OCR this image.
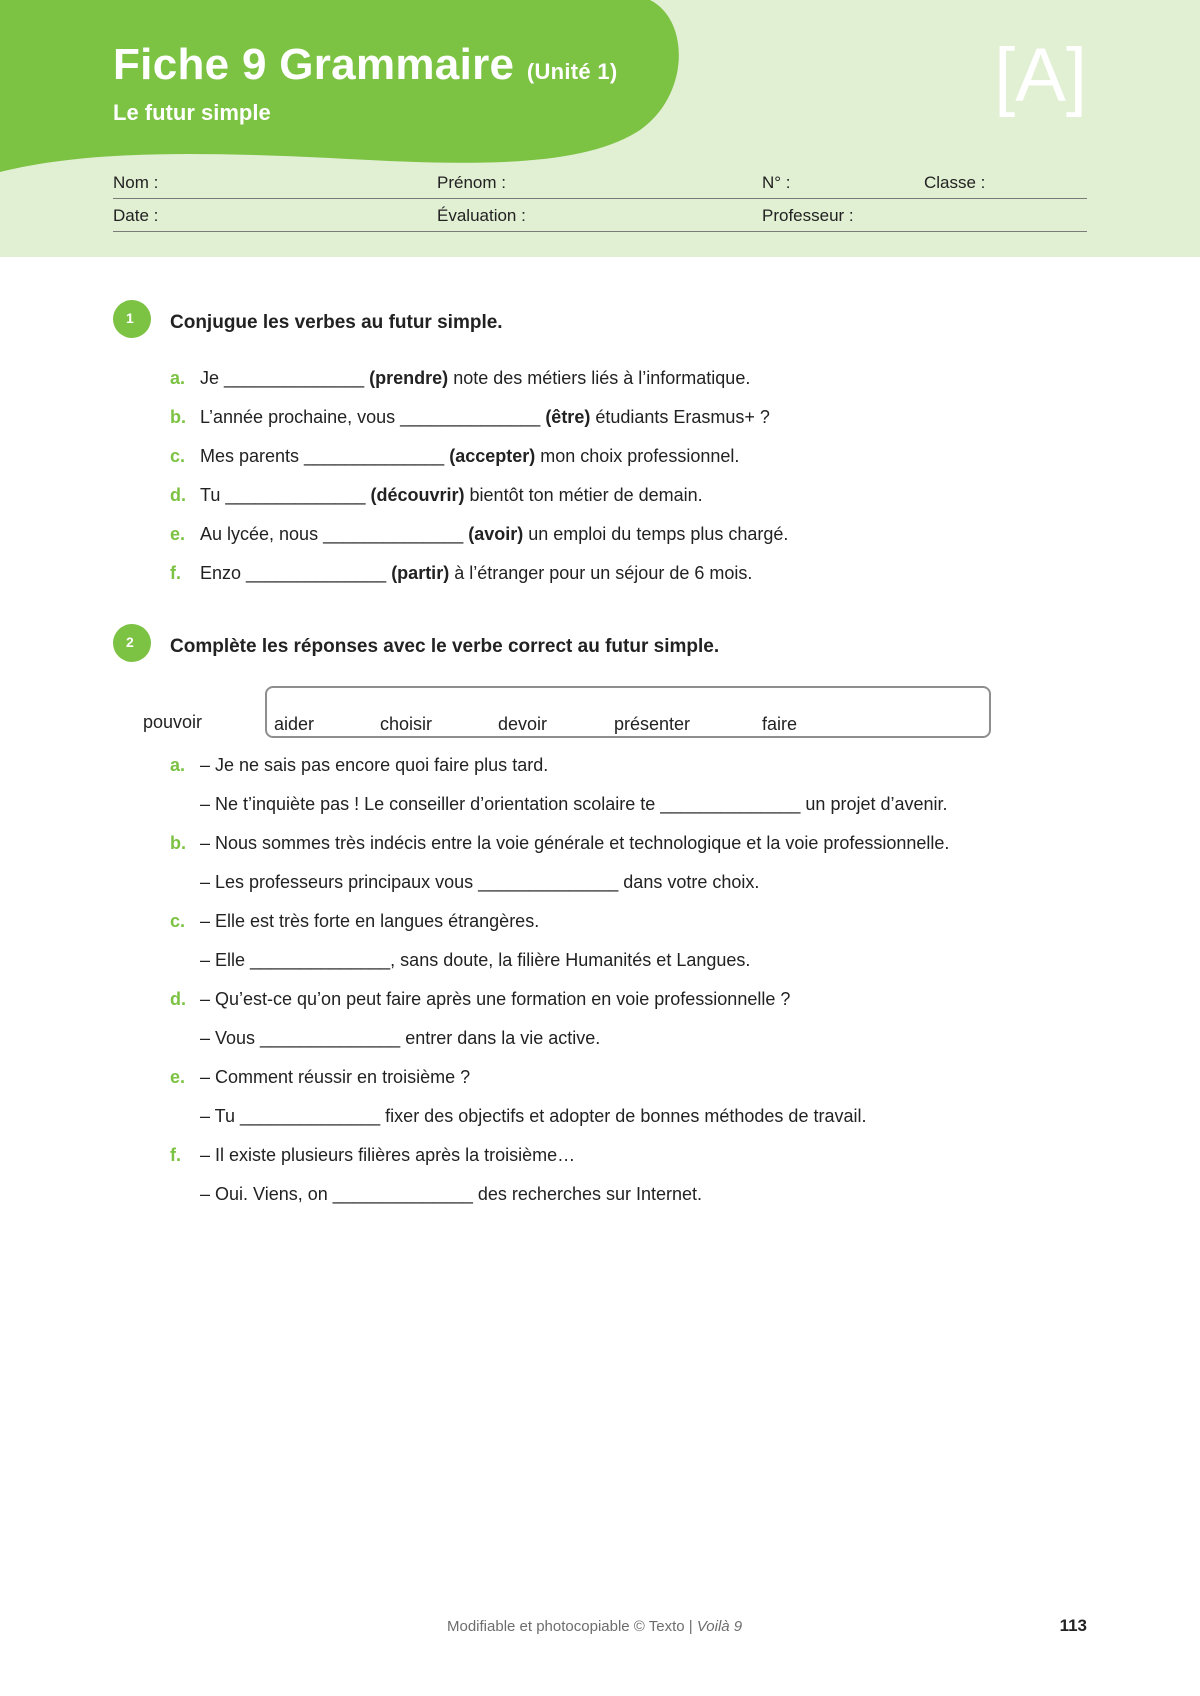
Fiche 9 Grammaire (Unité 1)
Le futur simple	[A]
Nom :	Prénom :	N° :	Classe :
Date :	Évaluation :	Professeur :
1 Conjugue les verbes au futur simple.
a. Je ______________ (prendre) note des métiers liés à l’informatique.
b. L’année prochaine, vous ______________ (être) étudiants Erasmus+ ?
c. Mes parents ______________ (accepter) mon choix professionnel.
d. Tu ______________ (découvrir) bientôt ton métier de demain.
e. Au lycée, nous ______________ (avoir) un emploi du temps plus chargé.
f. Enzo ______________ (partir) à l’étranger pour un séjour de 6 mois.
2 Complète les réponses avec le verbe correct au futur simple.
pouvoir	aider	choisir	devoir	présenter	faire
a. – Je ne sais pas encore quoi faire plus tard.
– Ne t’inquiète pas ! Le conseiller d’orientation scolaire te ______________ un projet d’avenir.
b. – Nous sommes très indécis entre la voie générale et technologique et la voie professionnelle.
– Les professeurs principaux vous ______________ dans votre choix.
c. – Elle est très forte en langues étrangères.
– Elle ______________, sans doute, la filière Humanités et Langues.
d. – Qu’est-ce qu’on peut faire après une formation en voie professionnelle ?
– Vous ______________ entrer dans la vie active.
e. – Comment réussir en troisième ?
– Tu ______________ fixer des objectifs et adopter de bonnes méthodes de travail.
f. – Il existe plusieurs filières après la troisième…
– Oui. Viens, on ______________ des recherches sur Internet.
Modifiable et photocopiable © Texto | Voilà 9	113
